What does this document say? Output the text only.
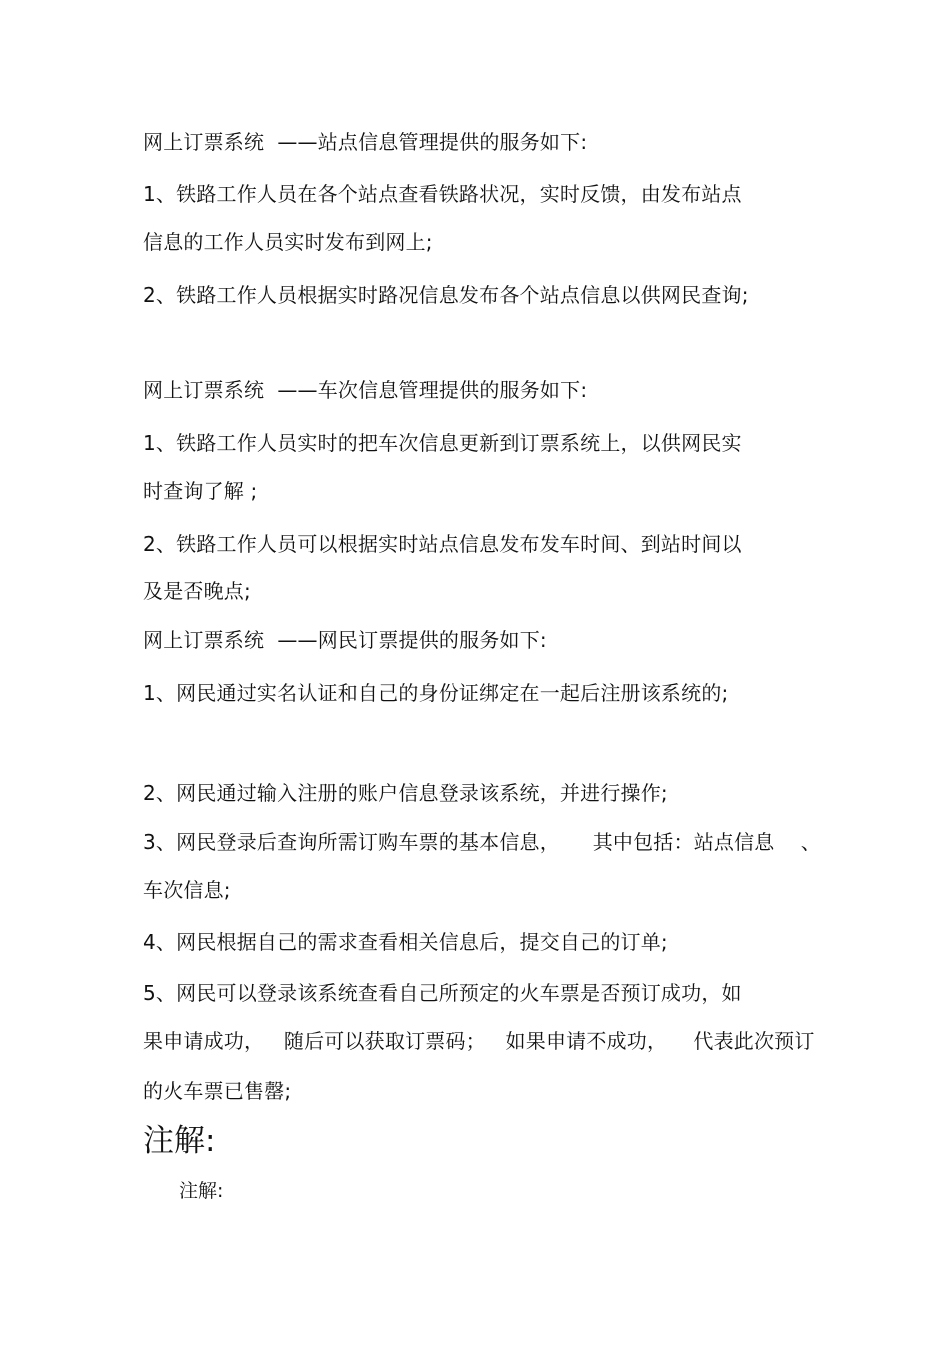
网上订票系统  ——站点信息管理提供的服务如下:
1、铁路工作人员在各个站点查看铁路状况，实时反馈，由发布站点
信息的工作人员实时发布到网上;
2、铁路工作人员根据实时路况信息发布各个站点信息以供网民查询;
网上订票系统  ——车次信息管理提供的服务如下:
1、铁路工作人员实时的把车次信息更新到订票系统上，以供网民实
时查询了解 ;
2、铁路工作人员可以根据实时站点信息发布发车时间、到站时间以
及是否晚点;
网上订票系统  ——网民订票提供的服务如下:
1、网民通过实名认证和自己的身份证绑定在一起后注册该系统的;
2、网民通过输入注册的账户信息登录该系统，并进行操作;
3、网民登录后查询所需订购车票的基本信息，     其中包括：站点信息    、
车次信息;
4、网民根据自己的需求查看相关信息后，提交自己的订单;
5、网民可以登录该系统查看自己所预定的火车票是否预订成功，如
果申请成功，   随后可以获取订票码；   如果申请不成功，    代表此次预订
的火车票已售罄;
注解:
注解:
